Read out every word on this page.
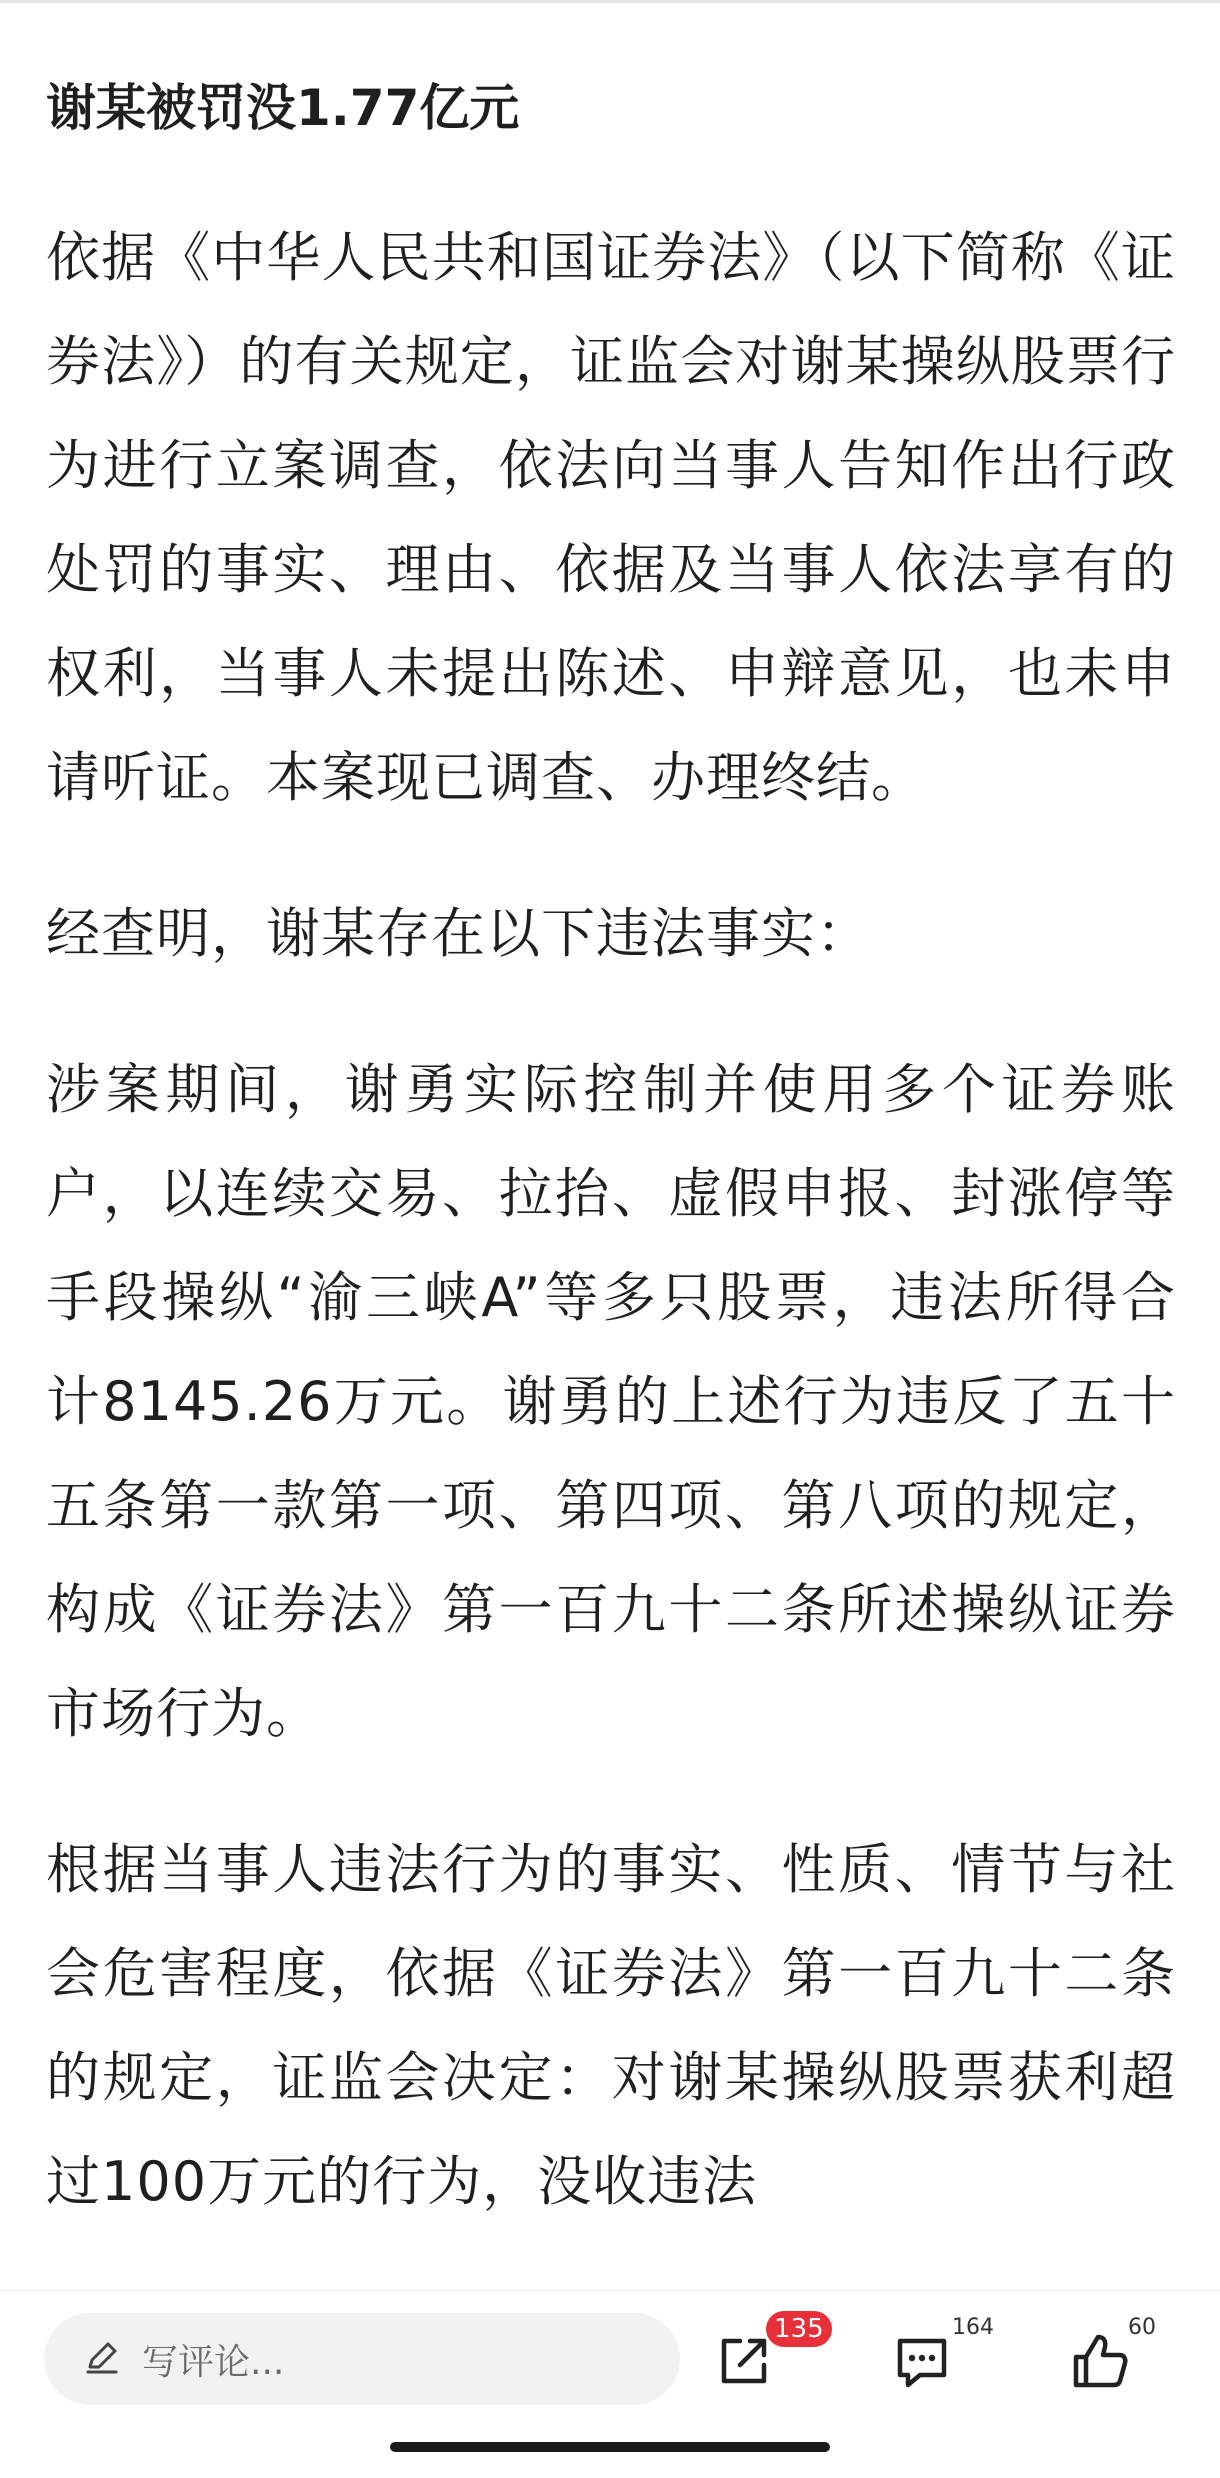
谢某被罚没1.77亿元

依据《中华人民共和国证券法》（以下简称《证券法》）的有关规定，证监会对谢某操纵股票行为进行立案调查，依法向当事人告知作出行政处罚的事实、理由、依据及当事人依法享有的权利，当事人未提出陈述、申辩意见，也未申请听证。本案现已调查、办理终结。

经查明，谢某存在以下违法事实：

涉案期间，谢勇实际控制并使用多个证券账户，以连续交易、拉抬、虚假申报、封涨停等手段操纵“渝三峡A”等多只股票，违法所得合计8145.26万元。谢勇的上述行为违反了五十五条第一款第一项、第四项、第八项的规定，构成《证券法》第一百九十二条所述操纵证券市场行为。

根据当事人违法行为的事实、性质、情节与社会危害程度，依据《证券法》第一百九十二条的规定，证监会决定：对谢某操纵股票获利超过100万元的行为，没收违法

写评论...
135	164	60
